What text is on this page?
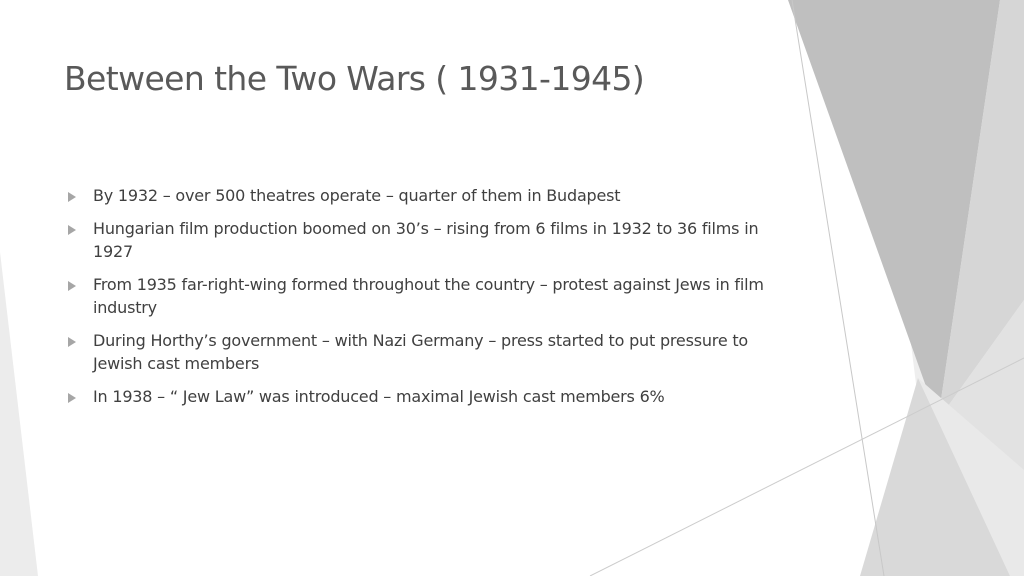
Between the Two Wars ( 1931-1945)
By 1932 – over 500 theatres operate – quarter of them in Budapest
Hungarian film production boomed on 30’s – rising from 6 films in 1932 to 36 films in 1927
From 1935 far-right-wing formed throughout the country – protest against Jews in film industry
During Horthy’s government – with Nazi Germany – press started to put pressure to Jewish cast members
In 1938 – “ Jew Law” was introduced – maximal Jewish cast members 6%
